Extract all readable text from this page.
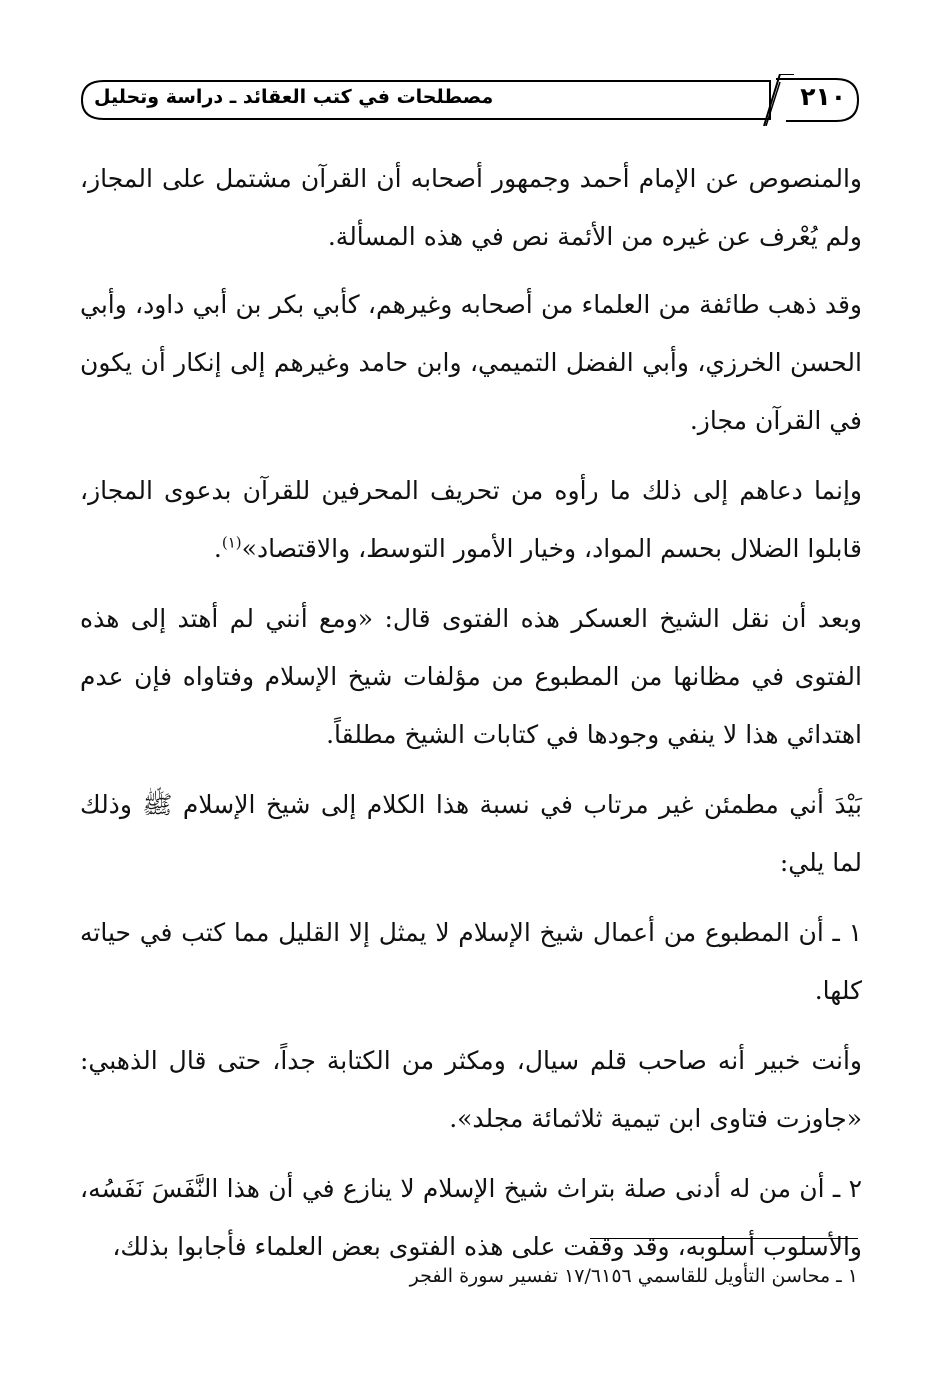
٢١٠
مصطلحات في كتب العقائد ـ دراسة وتحليل

والمنصوص عن الإمام أحمد وجمهور أصحابه أن القرآن مشتمل على المجاز، ولم يُعْرف عن غيره من الأئمة نص في هذه المسألة.

وقد ذهب طائفة من العلماء من أصحابه وغيرهم، كأبي بكر بن أبي داود، وأبي الحسن الخرزي، وأبي الفضل التميمي، وابن حامد وغيرهم إلى إنكار أن يكون في القرآن مجاز.

وإنما دعاهم إلى ذلك ما رأوه من تحريف المحرفين للقرآن بدعوى المجاز، قابلوا الضلال بحسم المواد، وخيار الأمور التوسط، والاقتصاد»$^{(١)}$.

وبعد أن نقل الشيخ العسكر هذه الفتوى قال: «ومع أنني لم أهتد إلى هذه الفتوى في مظانها من المطبوع من مؤلفات شيخ الإسلام وفتاواه فإن عدم اهتدائي هذا لا ينفي وجودها في كتابات الشيخ مطلقاً.

بَيْدَ أني مطمئن غير مرتاب في نسبة هذا الكلام إلى شيخ الإسلام ﷺ وذلك لما يلي:

١ ـ أن المطبوع من أعمال شيخ الإسلام لا يمثل إلا القليل مما كتب في حياته كلها.

وأنت خبير أنه صاحب قلم سيال، ومكثر من الكتابة جداً، حتى قال الذهبي: «جاوزت فتاوى ابن تيمية ثلاثمائة مجلد».

٢ ـ أن من له أدنى صلة بتراث شيخ الإسلام لا ينازع في أن هذا النَّفَسَ نَفَسُه، والأسلوب أسلوبه، وقد وقفت على هذه الفتوى بعض العلماء فأجابوا بذلك،

١ ـ محاسن التأويل للقاسمي ١٧/٦١٥٦ تفسير سورة الفجر
